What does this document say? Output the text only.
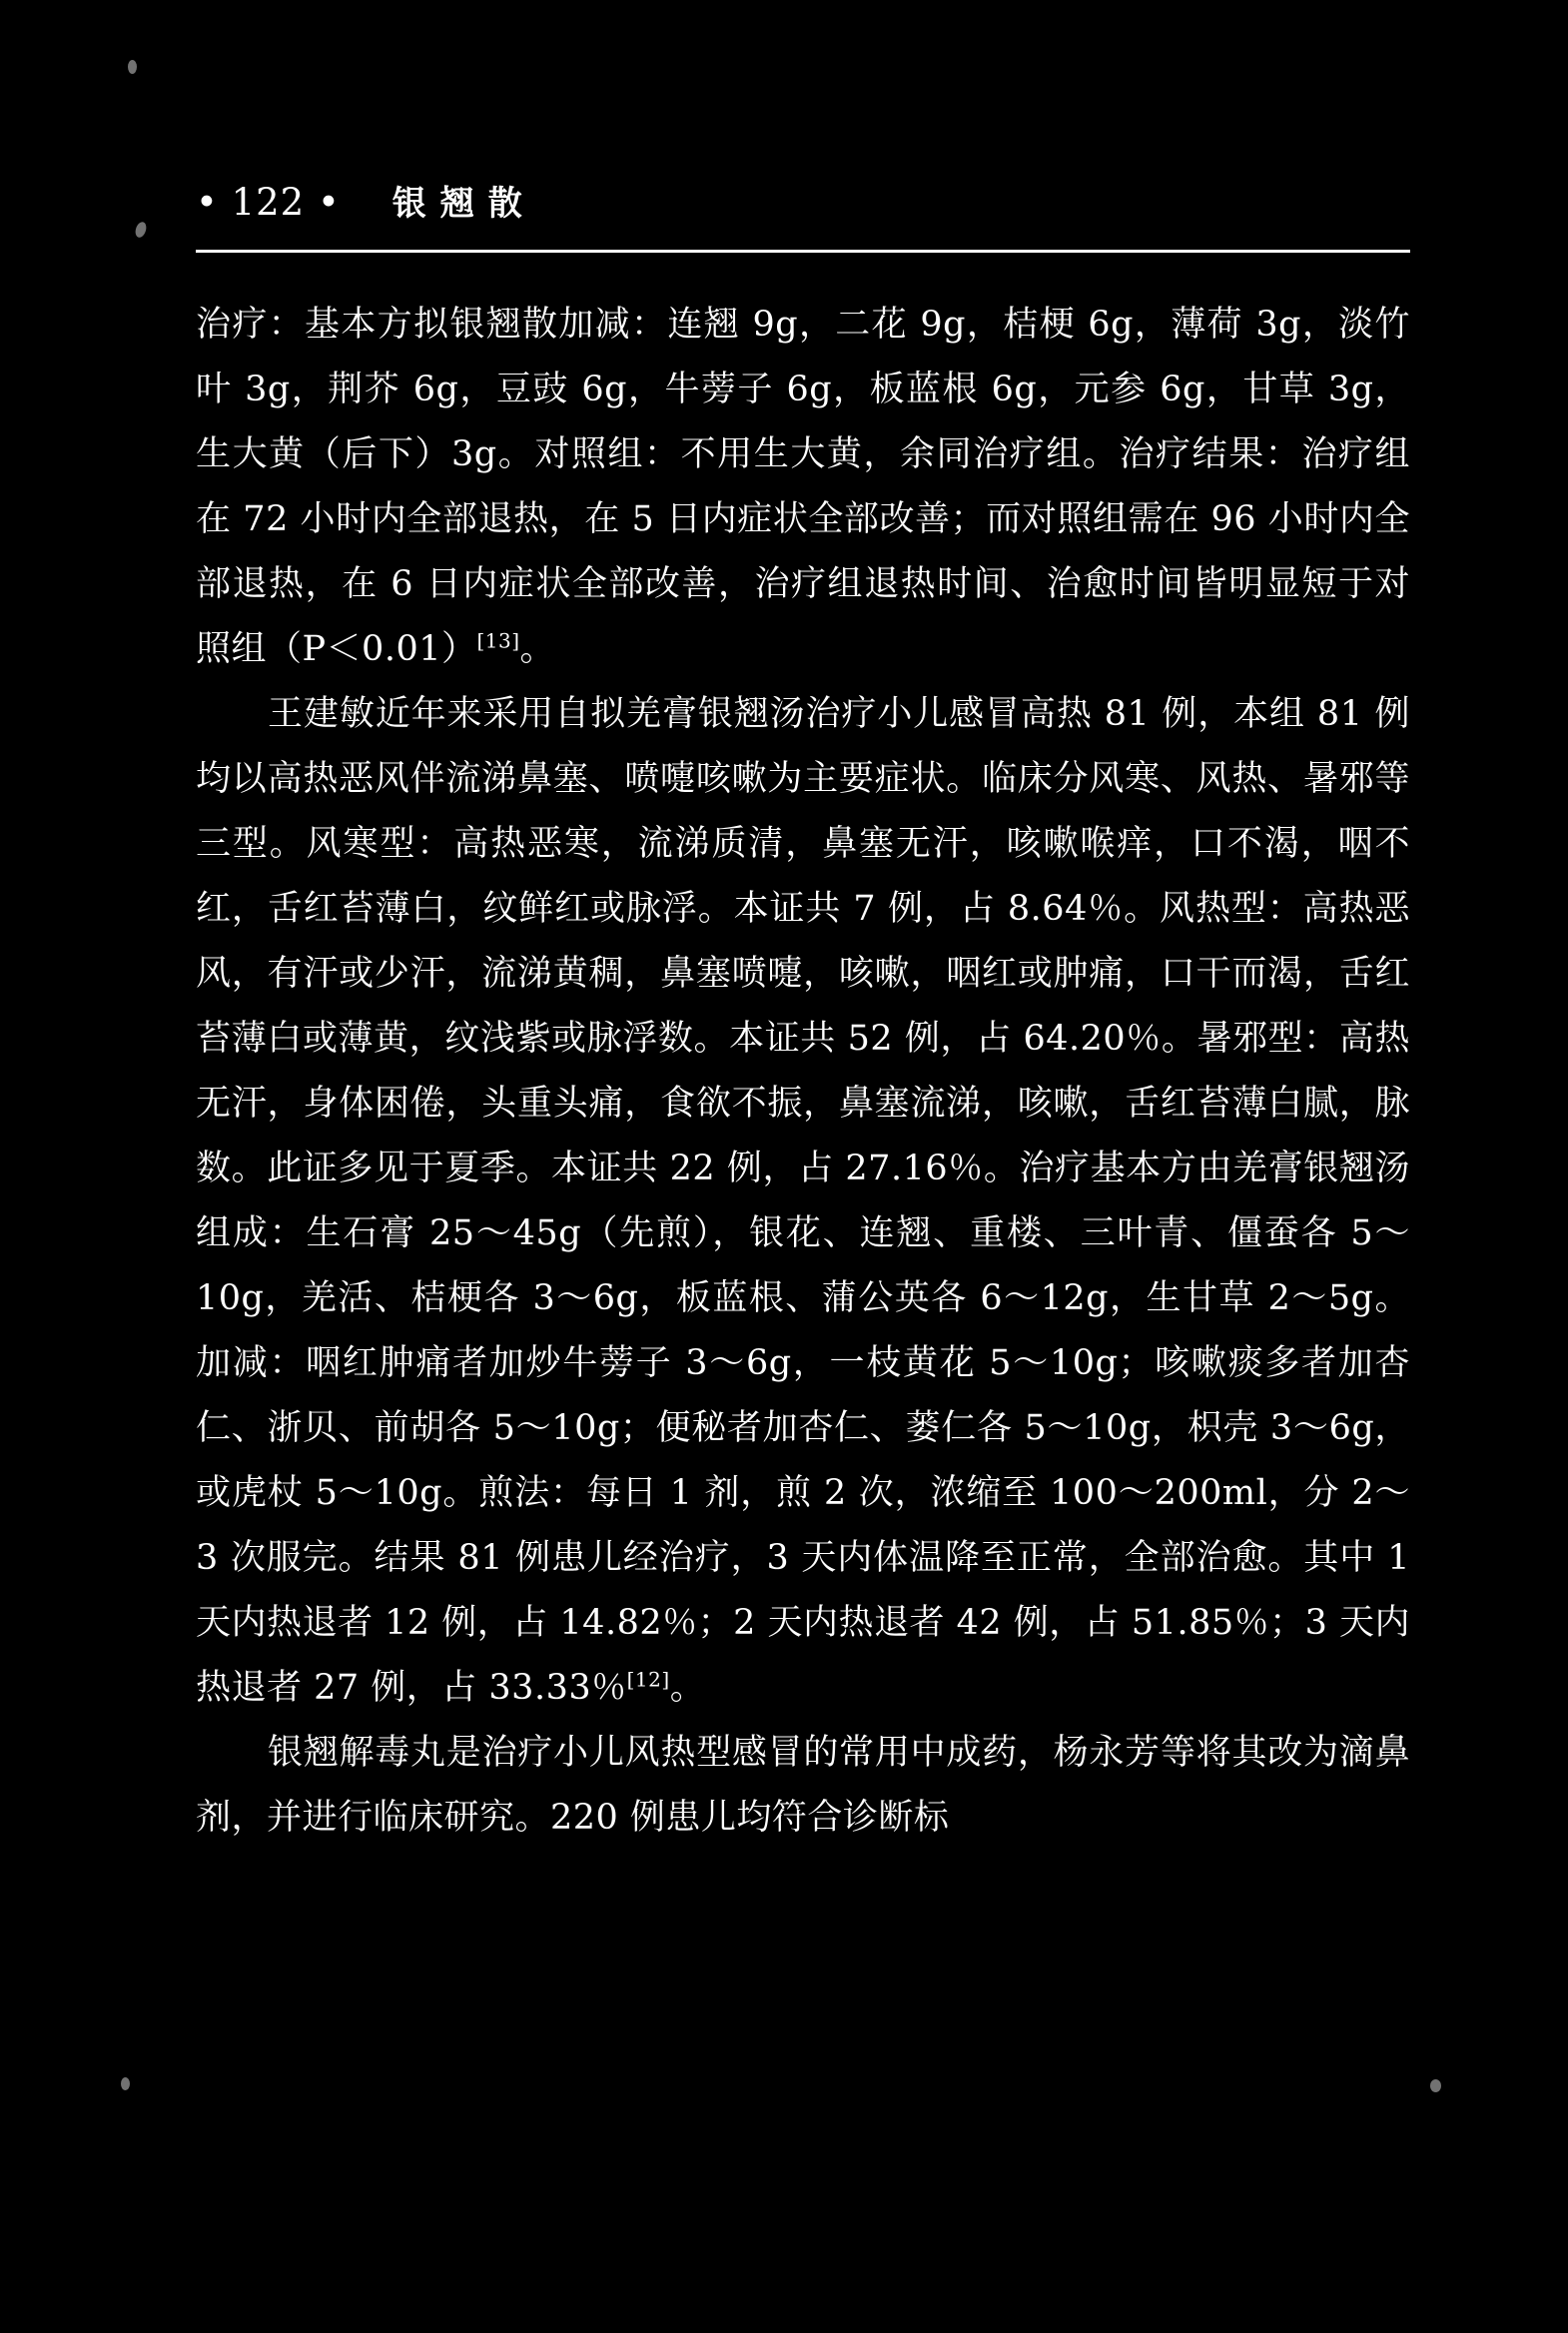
• 122 • 银翘散

治疗：基本方拟银翘散加减：连翘 9g，二花 9g，桔梗 6g，薄荷 3g，淡竹叶 3g，荆芥 6g，豆豉 6g，牛蒡子 6g，板蓝根 6g，元参 6g，甘草 3g，生大黄（后下）3g。对照组：不用生大黄，余同治疗组。治疗结果：治疗组在 72 小时内全部退热，在 5 日内症状全部改善；而对照组需在 96 小时内全部退热，在 6 日内症状全部改善，治疗组退热时间、治愈时间皆明显短于对照组（P＜0.01）[13]。

王建敏近年来采用自拟羌膏银翘汤治疗小儿感冒高热 81 例，本组 81 例均以高热恶风伴流涕鼻塞、喷嚏咳嗽为主要症状。临床分风寒、风热、暑邪等三型。风寒型：高热恶寒，流涕质清，鼻塞无汗，咳嗽喉痒，口不渴，咽不红，舌红苔薄白，纹鲜红或脉浮。本证共 7 例，占 8.64％。风热型：高热恶风，有汗或少汗，流涕黄稠，鼻塞喷嚏，咳嗽，咽红或肿痛，口干而渴，舌红苔薄白或薄黄，纹浅紫或脉浮数。本证共 52 例，占 64.20％。暑邪型：高热无汗，身体困倦，头重头痛，食欲不振，鼻塞流涕，咳嗽，舌红苔薄白腻，脉数。此证多见于夏季。本证共 22 例，占 27.16％。治疗基本方由羌膏银翘汤组成：生石膏 25～45g（先煎），银花、连翘、重楼、三叶青、僵蚕各 5～10g，羌活、桔梗各 3～6g，板蓝根、蒲公英各 6～12g，生甘草 2～5g。加减：咽红肿痛者加炒牛蒡子 3～6g，一枝黄花 5～10g；咳嗽痰多者加杏仁、浙贝、前胡各 5～10g；便秘者加杏仁、蒌仁各 5～10g，枳壳 3～6g，或虎杖 5～10g。煎法：每日 1 剂，煎 2 次，浓缩至 100～200ml，分 2～3 次服完。结果 81 例患儿经治疗，3 天内体温降至正常，全部治愈。其中 1 天内热退者 12 例，占 14.82％；2 天内热退者 42 例，占 51.85％；3 天内热退者 27 例，占 33.33％[12]。

银翘解毒丸是治疗小儿风热型感冒的常用中成药，杨永芳等将其改为滴鼻剂，并进行临床研究。220 例患儿均符合诊断标
